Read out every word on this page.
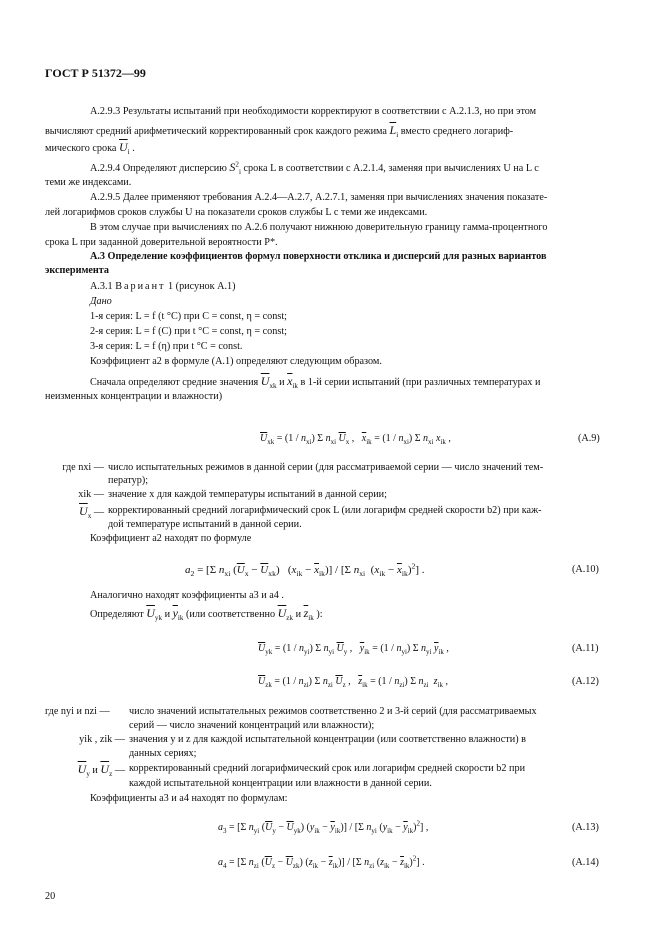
ГОСТ Р 51372—99
А.2.9.3 Результаты испытаний при необходимости корректируют в соответствии с А.2.1.3, но при этом
вычисляют средний арифметический корректированный срок каждого режима $\overline{L}_i$ вместо среднего логариф-
мического срока $\overline{U}_i$ .
А.2.9.4 Определяют дисперсию $S^2_i$ срока L в соответствии с А.2.1.4, заменяя при вычислениях U на L с
теми же индексами.
А.2.9.5 Далее применяют требования А.2.4—А.2.7, А.2.7.1, заменяя при вычислениях значения показате-
лей логарифмов сроков службы U на показатели сроков службы L с теми же индексами.
В этом случае при вычислениях по А.2.6 получают нижнюю доверительную границу гамма-процентного
срока L при заданной доверительной вероятности Р*.
А.3 Определение коэффициентов формул поверхности отклика и дисперсий для разных вариантов
эксперимента
А.3.1 Вариант 1 (рисунок А.1)
Дано
1-я серия: L = f (t °C) при C = const, η = const;
2-я серия: L = f (C) при t °C = const, η = const;
3-я серия: L = f (η) при t °C = const.
Коэффициент a2 в формуле (А.1) определяют следующим образом.
Сначала определяют средние значения $\overline{U}_{xk}$ и $\overline{x}_{ik}$ в 1-й серии испытаний (при различных температурах и
неизменных концентрации и влажности)
$\overline{U}_{xk} = (1 / n_{xi})$ Σ $n_{xi}$ $\overline{U}_x$ ,   $\overline{x}_{ik} = (1 / n_{xi})$ Σ $n_{xi}$ $x_{ik}$ ,	(А.9)
где nxi — число испытательных режимов в данной серии (для рассматриваемой серии — число значений тем-
ператур);
xik — значение x для каждой температуры испытаний в данной серии;
$\overline{U}_x$ — корректированный средний логарифмический срок L (или логарифм средней скорости b2) при каж-
дой температуре испытаний в данной серии.
Коэффициент a2 находят по формуле
$a_2 = [\Sigma$ $n_{xi}$ $(\overline{U}_x - \overline{U}_{xk}) (x_{ik} - \overline{x}_{ik})] / [\Sigma$ $n_{xi}$  $(x_{ik} - \overline{x}_{ik})^2$] .	(А.10)
Аналогично находят коэффициенты a3 и a4 .
Определяют $\overline{U}_{yk}$ и $\overline{y}_{ik}$ (или соответственно $\overline{U}_{zk}$ и $\overline{z}_{ik}$ ):
$\overline{U}_{yk} = (1 / n_{yi})$ Σ $n_{yi}$ $\overline{U}_y$ ,   $\overline{y}_{ik} = (1 / n_{yi})$ Σ $n_{yi}$ $\overline{y}_{ik}$ ,	(А.11)
$\overline{U}_{zk} = (1 / n_{zi})$ Σ $n_{zi}$ $\overline{U}_z$ ,   $\overline{z}_{ik} = (1 / n_{zi})$ Σ $n_{zi}$ $z_{ik}$ ,	(А.12)
где nyi и nzi — число значений испытательных режимов соответственно 2 и 3-й серий (для рассматриваемых
серий — число значений концентраций или влажности);
yik , zik — значения y и z для каждой испытательной концентрации (или соответственно влажности) в
данных сериях;
$\overline{U}_y$ и $\overline{U}_z$ — корректированный средний логарифмический срок или логарифм средней скорости b2 при
каждой испытательной концентрации или влажности в данной серии.
Коэффициенты a3 и a4 находят по формулам:
$a_3 = [\Sigma$ $n_{yi}$ $(\overline{U}_y - \overline{U}_{yk}) (y_{ik} - \overline{y}_{ik})] / [\Sigma$ $n_{yi}$ $(y_{ik} - \overline{y}_{ik})^2$] ,	(А.13)
$a_4 = [\Sigma$ $n_{zi}$ $(\overline{U}_z - \overline{U}_{zk}) (z_{ik} - \overline{z}_{ik})] / [\Sigma$ $n_{zi}$ $(z_{ik} - \overline{z}_{ik})^2$] .	(А.14)
20
